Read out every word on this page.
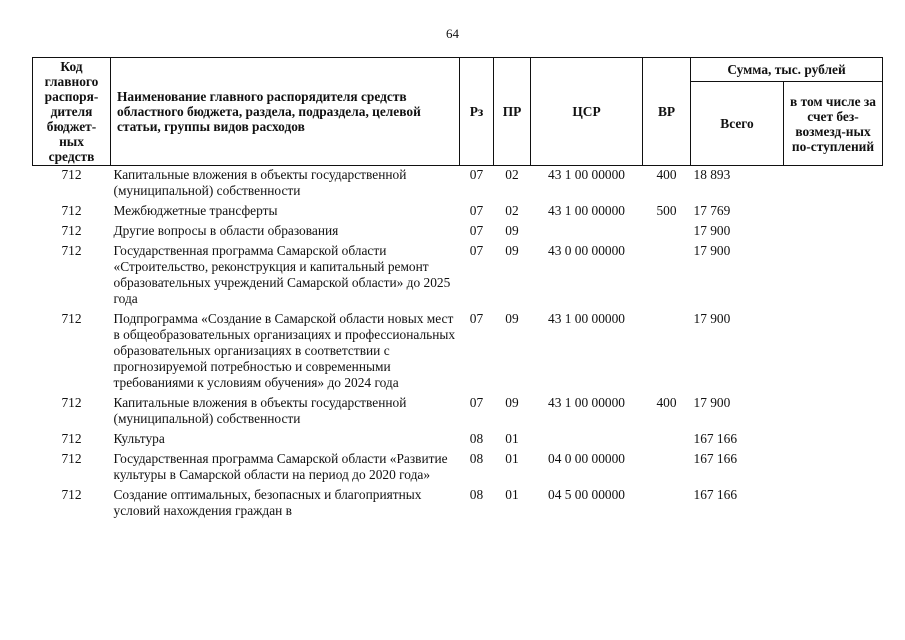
64
Код главного распоря-дителя бюджет-ных средств	Наименование главного распорядителя средств областного бюджета, раздела, подраздела, целевой статьи, группы видов расходов	Рз	ПР	ЦСР	ВР	Сумма, тыс. рублей	
						Всего	в том числе за счет без-возмезд-ных по-ступлений
712	Капитальные вложения в объекты государственной (муниципальной) собственности	07	02	43 1 00 00000	400	18 893	
712	Межбюджетные трансферты	07	02	43 1 00 00000	500	17 769	
712	Другие вопросы в области образования	07	09			17 900	
712	Государственная программа Самарской области «Строительство, реконструкция и капитальный ремонт образовательных учреждений Самарской области» до 2025 года	07	09	43 0 00 00000		17 900	
712	Подпрограмма «Создание в Самарской области новых мест в общеобразовательных организациях и профессиональных образовательных организациях в соответствии с прогнозируемой потребностью и современными требованиями к условиям обучения» до 2024 года	07	09	43 1 00 00000		17 900	
712	Капитальные вложения в объекты государственной (муниципальной) собственности	07	09	43 1 00 00000	400	17 900	
712	Культура	08	01			167 166	
712	Государственная программа Самарской области «Развитие культуры в Самарской области на период до 2020 года»	08	01	04 0 00 00000		167 166	
712	Создание оптимальных, безопасных и благоприятных условий нахождения граждан в	08	01	04 5 00 00000		167 166	
